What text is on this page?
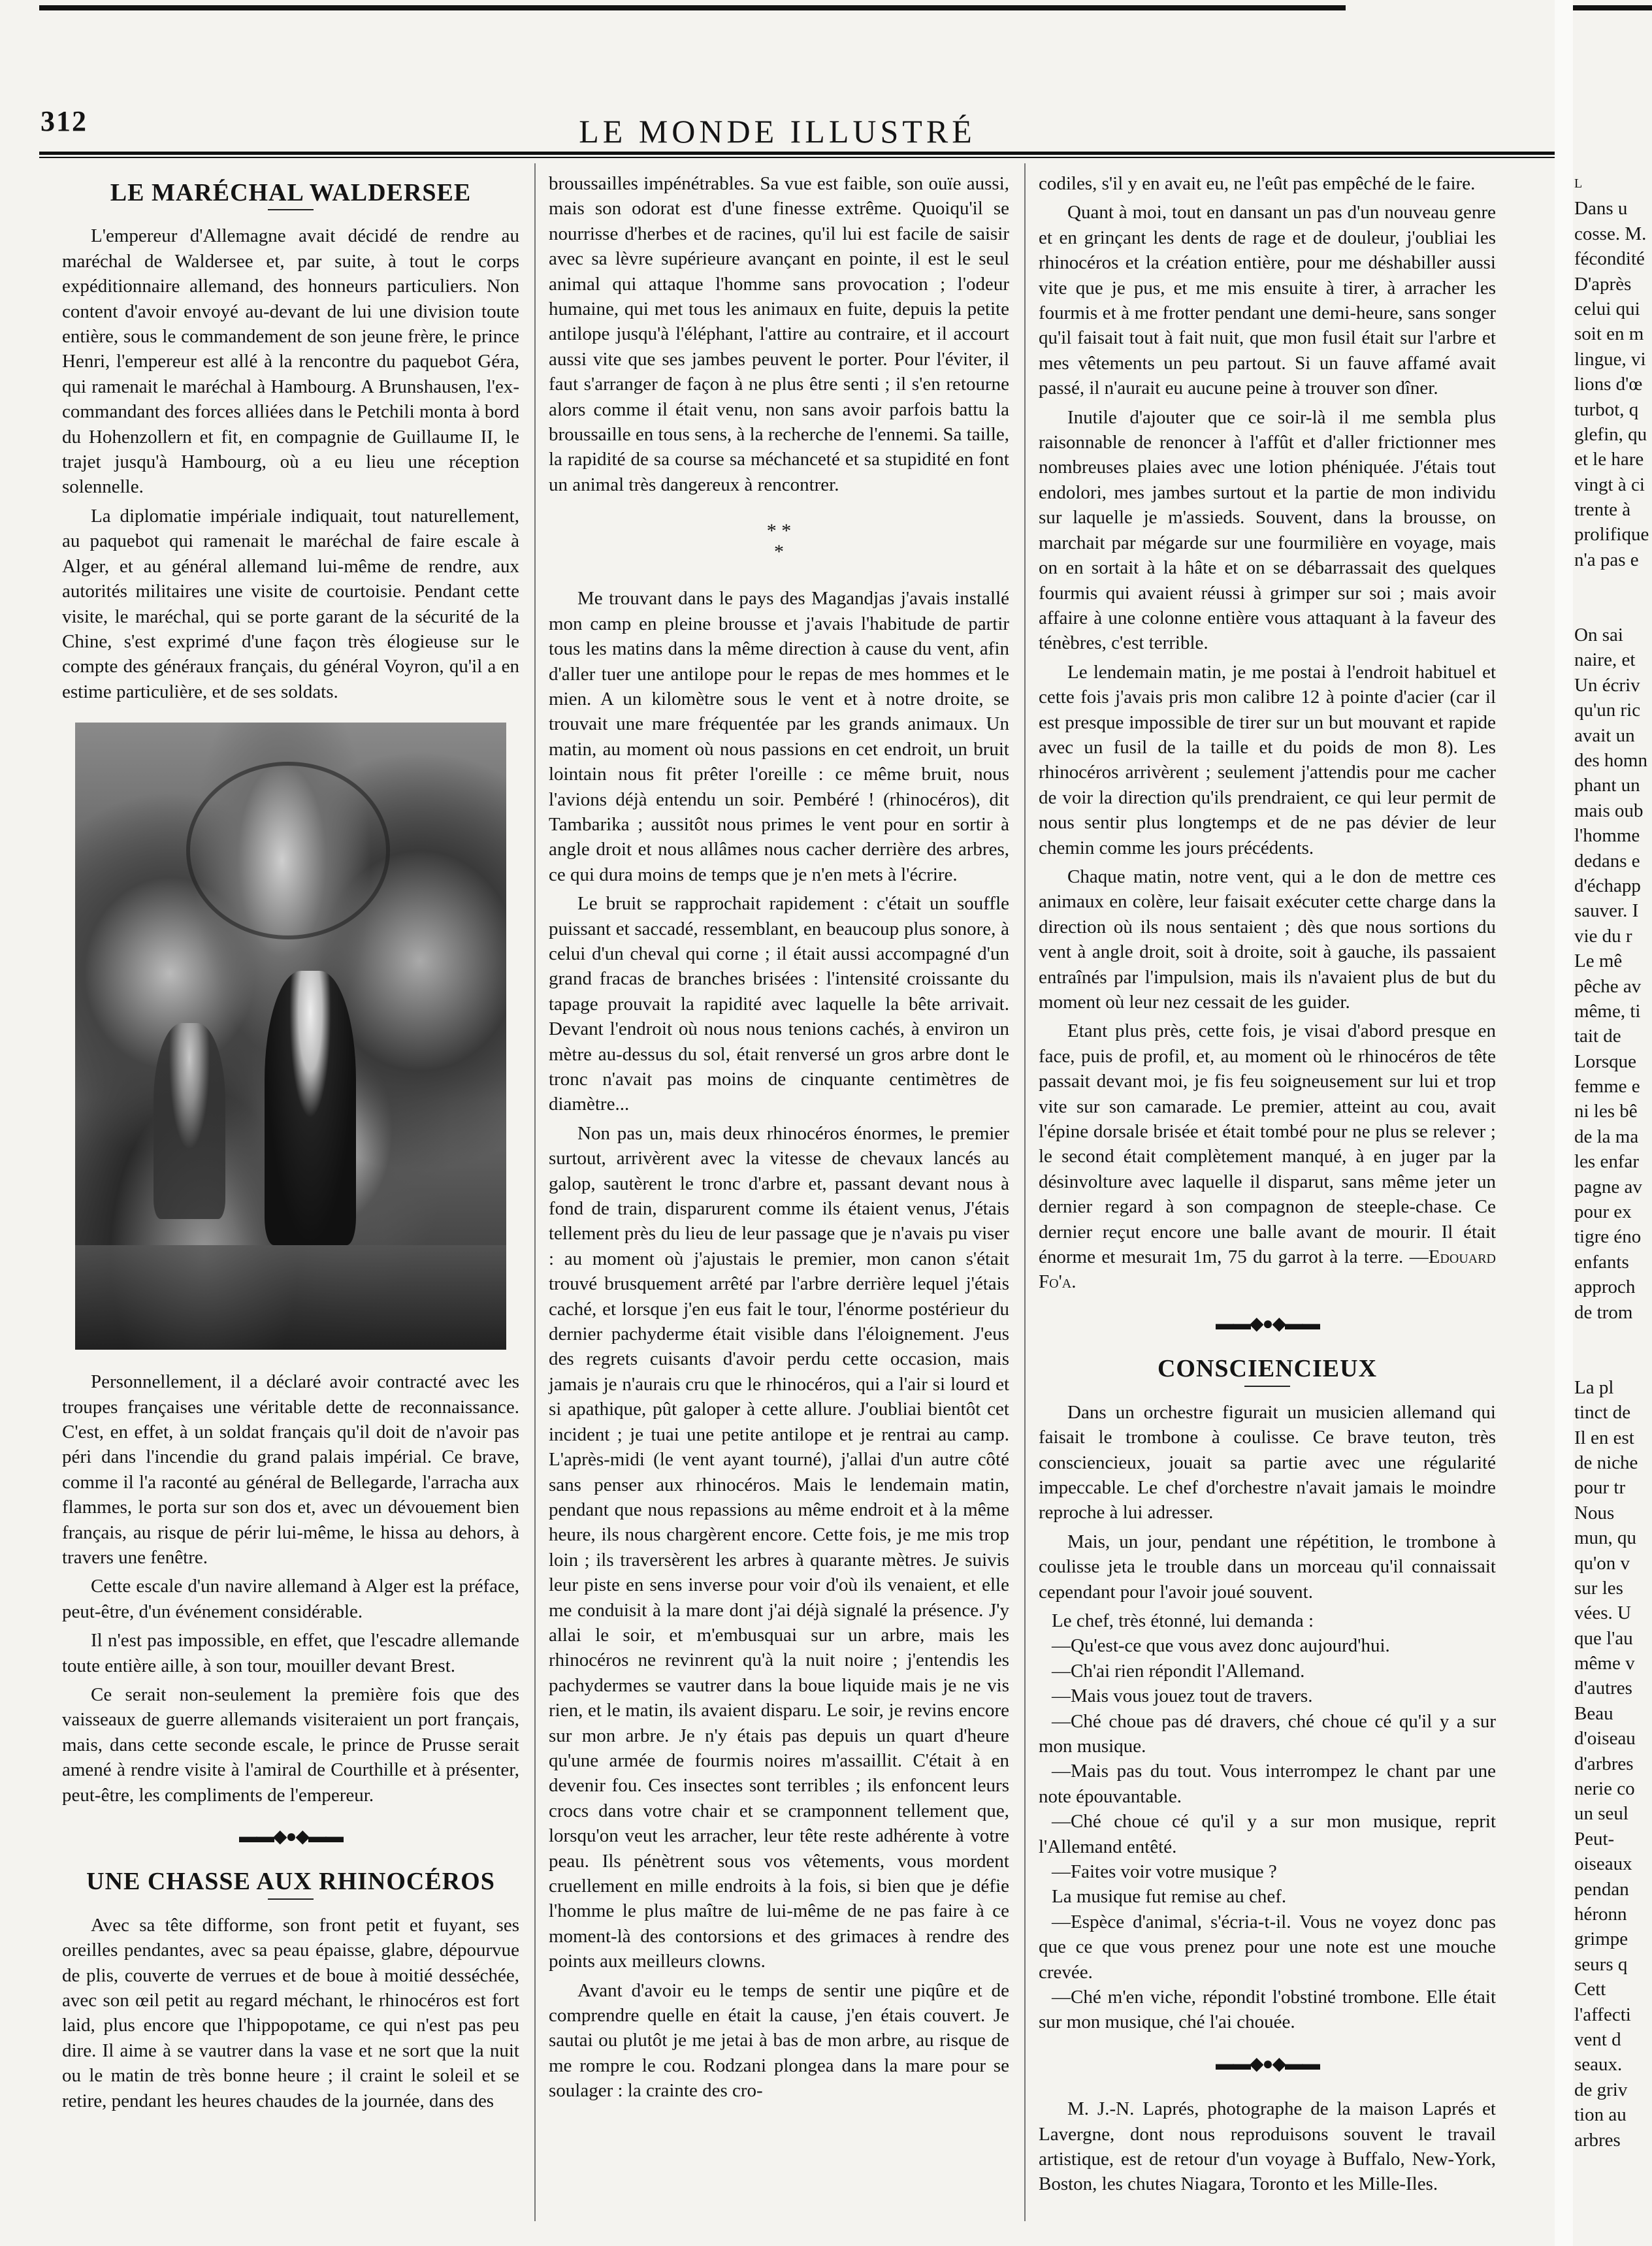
312	LE MONDE ILLUSTRÉ
LE MARÉCHAL WALDERSEE

L'empereur d'Allemagne avait décidé de rendre au maréchal de Waldersee et, par suite, à tout le corps expéditionnaire allemand, des honneurs particuliers. Non content d'avoir envoyé au-devant de lui une division toute entière, sous le commandement de son jeune frère, le prince Henri, l'empereur est allé à la rencontre du paquebot Géra, qui ramenait le maréchal à Hambourg. A Brunshausen, l'ex-commandant des forces alliées dans le Petchili monta à bord du Hohenzollern et fit, en compagnie de Guillaume II, le trajet jusqu'à Hambourg, où a eu lieu une réception solennelle.

La diplomatie impériale indiquait, tout naturellement, au paquebot qui ramenait le maréchal de faire escale à Alger, et au général allemand lui-même de rendre, aux autorités militaires une visite de courtoisie. Pendant cette visite, le maréchal, qui se porte garant de la sécurité de la Chine, s'est exprimé d'une façon très élogieuse sur le compte des généraux français, du général Voyron, qu'il a en estime particulière, et de ses soldats.

Personnellement, il a déclaré avoir contracté avec les troupes françaises une véritable dette de reconnaissance. C'est, en effet, à un soldat français qu'il doit de n'avoir pas péri dans l'incendie du grand palais impérial. Ce brave, comme il l'a raconté au général de Bellegarde, l'arracha aux flammes, le porta sur son dos et, avec un dévouement bien français, au risque de périr lui-même, le hissa au dehors, à travers une fenêtre.

Cette escale d'un navire allemand à Alger est la préface, peut-être, d'un événement considérable.

Il n'est pas impossible, en effet, que l'escadre allemande toute entière aille, à son tour, mouiller devant Brest.

Ce serait non-seulement la première fois que des vaisseaux de guerre allemands visiteraient un port français, mais, dans cette seconde escale, le prince de Prusse serait amené à rendre visite à l'amiral de Courthille et à présenter, peut-être, les compliments de l'empereur.

▬▬◆●◆▬▬
UNE CHASSE AUX RHINOCÉROS

Avec sa tête difforme, son front petit et fuyant, ses oreilles pendantes, avec sa peau épaisse, glabre, dépourvue de plis, couverte de verrues et de boue à moitié desséchée, avec son œil petit au regard méchant, le rhinocéros est fort laid, plus encore que l'hippopotame, ce qui n'est pas peu dire. Il aime à se vautrer dans la vase et ne sort que la nuit ou le matin de très bonne heure ; il craint le soleil et se retire, pendant les heures chaudes de la journée, dans des

broussailles impénétrables. Sa vue est faible, son ouïe aussi, mais son odorat est d'une finesse extrême. Quoiqu'il se nourrisse d'herbes et de racines, qu'il lui est facile de saisir avec sa lèvre supérieure avançant en pointe, il est le seul animal qui attaque l'homme sans provocation ; l'odeur humaine, qui met tous les animaux en fuite, depuis la petite antilope jusqu'à l'éléphant, l'attire au contraire, et il accourt aussi vite que ses jambes peuvent le porter. Pour l'éviter, il faut s'arranger de façon à ne plus être senti ; il s'en retourne alors comme il était venu, non sans avoir parfois battu la broussaille en tous sens, à la recherche de l'ennemi. Sa taille, la rapidité de sa course sa méchanceté et sa stupidité en font un animal très dangereux à rencontrer.

* *
*

Me trouvant dans le pays des Magandjas j'avais installé mon camp en pleine brousse et j'avais l'habitude de partir tous les matins dans la même direction à cause du vent, afin d'aller tuer une antilope pour le repas de mes hommes et le mien. A un kilomètre sous le vent et à notre droite, se trouvait une mare fréquentée par les grands animaux. Un matin, au moment où nous passions en cet endroit, un bruit lointain nous fit prêter l'oreille : ce même bruit, nous l'avions déjà entendu un soir. Pembéré ! (rhinocéros), dit Tambarika ; aussitôt nous primes le vent pour en sortir à angle droit et nous allâmes nous cacher derrière des arbres, ce qui dura moins de temps que je n'en mets à l'écrire.

Le bruit se rapprochait rapidement : c'était un souffle puissant et saccadé, ressemblant, en beaucoup plus sonore, à celui d'un cheval qui corne ; il était aussi accompagné d'un grand fracas de branches brisées : l'intensité croissante du tapage prouvait la rapidité avec laquelle la bête arrivait. Devant l'endroit où nous nous tenions cachés, à environ un mètre au-dessus du sol, était renversé un gros arbre dont le tronc n'avait pas moins de cinquante centimètres de diamètre...

Non pas un, mais deux rhinocéros énormes, le premier surtout, arrivèrent avec la vitesse de chevaux lancés au galop, sautèrent le tronc d'arbre et, passant devant nous à fond de train, disparurent comme ils étaient venus, J'étais tellement près du lieu de leur passage que je n'avais pu viser : au moment où j'ajustais le premier, mon canon s'était trouvé brusquement arrêté par l'arbre derrière lequel j'étais caché, et lorsque j'en eus fait le tour, l'énorme postérieur du dernier pachyderme était visible dans l'éloignement. J'eus des regrets cuisants d'avoir perdu cette occasion, mais jamais je n'aurais cru que le rhinocéros, qui a l'air si lourd et si apathique, pût galoper à cette allure. J'oubliai bientôt cet incident ; je tuai une petite antilope et je rentrai au camp. L'après-midi (le vent ayant tourné), j'allai d'un autre côté sans penser aux rhinocéros. Mais le lendemain matin, pendant que nous repassions au même endroit et à la même heure, ils nous chargèrent encore. Cette fois, je me mis trop loin ; ils traversèrent les arbres à quarante mètres. Je suivis leur piste en sens inverse pour voir d'où ils venaient, et elle me conduisit à la mare dont j'ai déjà signalé la présence. J'y allai le soir, et m'embusquai sur un arbre, mais les rhinocéros ne revinrent qu'à la nuit noire ; j'entendis les pachydermes se vautrer dans la boue liquide mais je ne vis rien, et le matin, ils avaient disparu. Le soir, je revins encore sur mon arbre. Je n'y étais pas depuis un quart d'heure qu'une armée de fourmis noires m'assaillit. C'était à en devenir fou. Ces insectes sont terribles ; ils enfoncent leurs crocs dans votre chair et se cramponnent tellement que, lorsqu'on veut les arracher, leur tête reste adhérente à votre peau. Ils pénètrent sous vos vêtements, vous mordent cruellement en mille endroits à la fois, si bien que je défie l'homme le plus maître de lui-même de ne pas faire à ce moment-là des contorsions et des grimaces à rendre des points aux meilleurs clowns.

Avant d'avoir eu le temps de sentir une piqûre et de comprendre quelle en était la cause, j'en étais couvert. Je sautai ou plutôt je me jetai à bas de mon arbre, au risque de me rompre le cou. Rodzani plongea dans la mare pour se soulager : la crainte des cro-

codiles, s'il y en avait eu, ne l'eût pas empêché de le faire.

Quant à moi, tout en dansant un pas d'un nouveau genre et en grinçant les dents de rage et de douleur, j'oubliai les rhinocéros et la création entière, pour me déshabiller aussi vite que je pus, et me mis ensuite à tirer, à arracher les fourmis et à me frotter pendant une demi-heure, sans songer qu'il faisait tout à fait nuit, que mon fusil était sur l'arbre et mes vêtements un peu partout. Si un fauve affamé avait passé, il n'aurait eu aucune peine à trouver son dîner.

Inutile d'ajouter que ce soir-là il me sembla plus raisonnable de renoncer à l'affût et d'aller frictionner mes nombreuses plaies avec une lotion phéniquée. J'étais tout endolori, mes jambes surtout et la partie de mon individu sur laquelle je m'assieds. Souvent, dans la brousse, on marchait par mégarde sur une fourmilière en voyage, mais on en sortait à la hâte et on se débarrassait des quelques fourmis qui avaient réussi à grimper sur soi ; mais avoir affaire à une colonne entière vous attaquant à la faveur des ténèbres, c'est terrible.

Le lendemain matin, je me postai à l'endroit habituel et cette fois j'avais pris mon calibre 12 à pointe d'acier (car il est presque impossible de tirer sur un but mouvant et rapide avec un fusil de la taille et du poids de mon 8). Les rhinocéros arrivèrent ; seulement j'attendis pour me cacher de voir la direction qu'ils prendraient, ce qui leur permit de nous sentir plus longtemps et de ne pas dévier de leur chemin comme les jours précédents.

Chaque matin, notre vent, qui a le don de mettre ces animaux en colère, leur faisait exécuter cette charge dans la direction où ils nous sentaient ; dès que nous sortions du vent à angle droit, soit à droite, soit à gauche, ils passaient entraînés par l'impulsion, mais ils n'avaient plus de but du moment où leur nez cessait de les guider.

Etant plus près, cette fois, je visai d'abord presque en face, puis de profil, et, au moment où le rhinocéros de tête passait devant moi, je fis feu soigneusement sur lui et trop vite sur son camarade. Le premier, atteint au cou, avait l'épine dorsale brisée et était tombé pour ne plus se relever ; le second était complètement manqué, à en juger par la désinvolture avec laquelle il disparut, sans même jeter un dernier regard à son compagnon de steeple-chase. Ce dernier reçut encore une balle avant de mourir. Il était énorme et mesurait 1m, 75 du garrot à la terre. —Edouard Fo'a.

▬▬◆●◆▬▬
CONSCIENCIEUX

Dans un orchestre figurait un musicien allemand qui faisait le trombone à coulisse. Ce brave teuton, très consciencieux, jouait sa partie avec une régularité impeccable. Le chef d'orchestre n'avait jamais le moindre reproche à lui adresser.

Mais, un jour, pendant une répétition, le trombone à coulisse jeta le trouble dans un morceau qu'il connaissait cependant pour l'avoir joué souvent.

Le chef, très étonné, lui demanda :

—Qu'est-ce que vous avez donc aujourd'hui.

—Ch'ai rien répondit l'Allemand.

—Mais vous jouez tout de travers.

—Ché choue pas dé dravers, ché choue cé qu'il y a sur mon musique.

—Mais pas du tout. Vous interrompez le chant par une note épouvantable.

—Ché choue cé qu'il y a sur mon musique, reprit l'Allemand entêté.

—Faites voir votre musique ?

La musique fut remise au chef.

—Espèce d'animal, s'écria-t-il. Vous ne voyez donc pas que ce que vous prenez pour une note est une mouche crevée.

—Ché m'en viche, répondit l'obstiné trombone. Elle était sur mon musique, ché l'ai chouée.

▬▬◆●◆▬▬

M. J.-N. Laprés, photographe de la maison Laprés et Lavergne, dont nous reproduisons souvent le travail artistique, est de retour d'un voyage à Buffalo, New-York, Boston, les chutes Niagara, Toronto et les Mille-Iles.

L
Dans u
cosse. M.
fécondité
D'après
celui qui
soit en m
lingue, vi
lions d'œ
turbot, q
glefin, qu
et le hare
vingt à ci
trente à
prolifique
n'a pas e
On sai
naire, et
Un écriv
qu'un ric
avait un
des homn
phant un
mais oub
l'homme
dedans e
d'échapp
sauver. I
vie du r
Le mê
pêche av
même, ti
tait de
Lorsque
femme e
ni les bê
de la ma
les enfar
pagne av
pour ex
tigre éno
enfants
approch
de trom
La pl
tinct de
Il en est
de niche
pour tr
Nous
mun, qu
qu'on v
sur les
vées. U
que l'au
même v
d'autres
Beau
d'oiseau
d'arbres
nerie co
un seul
Peut-
oiseaux
pendan
héronn
grimpe
seurs q
Cett
l'affecti
vent d
seaux.
de griv
tion au
arbres
